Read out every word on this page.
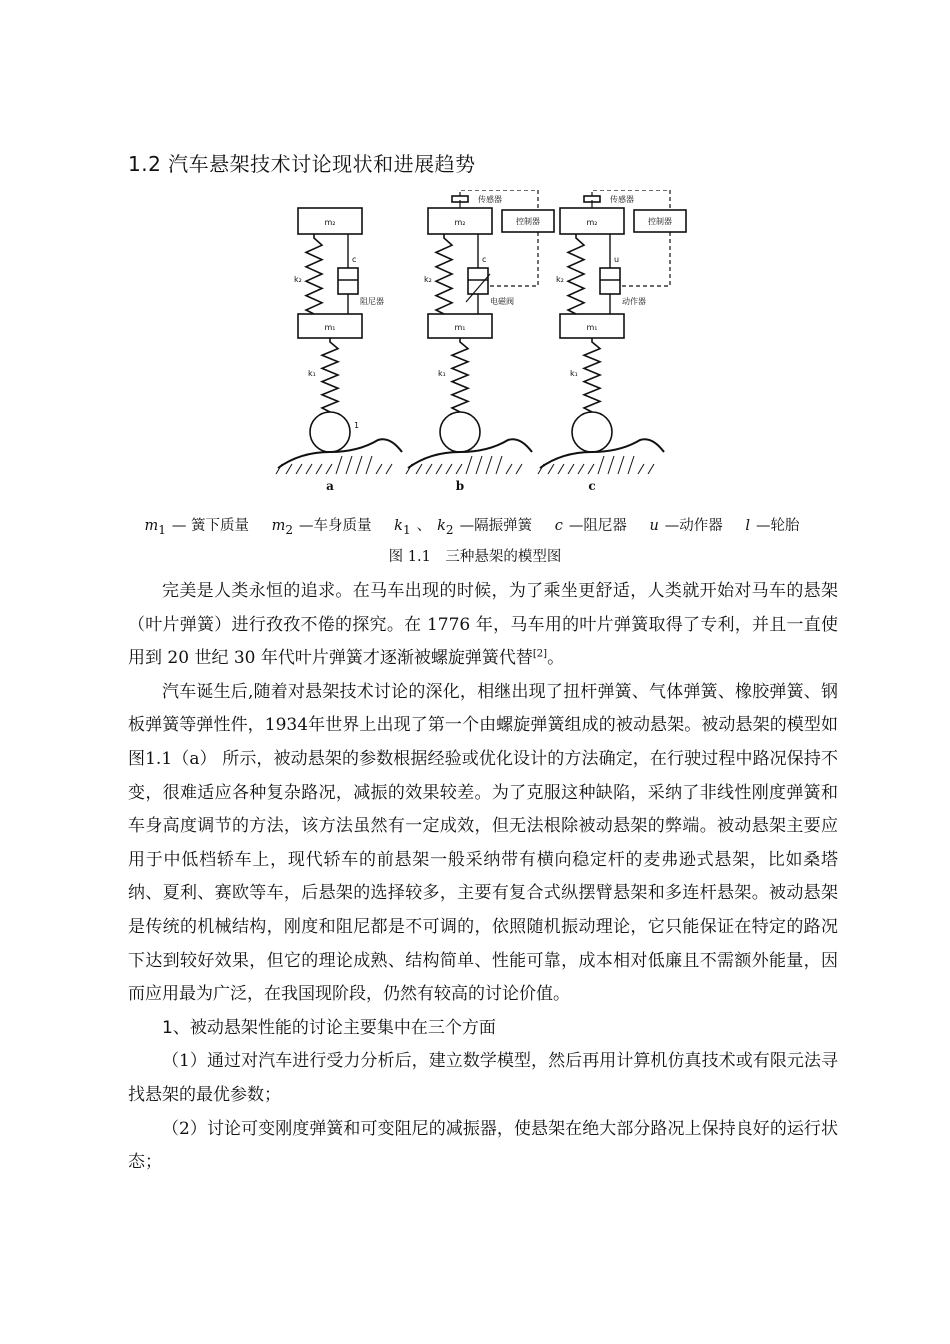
1.2 汽车悬架技术讨论现状和进展趋势
m₂
m₁
k₂
c
阻尼器
k₁
1
a
m₂
m₁
k₂
c
电磁阀
k₁
b
传感器
控制器	m₂
m₁
k₂
u
动作器
k₁
c
传感器
控制器
$m_1$ — 簧下质量 $m_2$ —车身质量 $k_1$ 、 $k_2$ —隔振弹簧 c —阻尼器 u —动作器 l —轮胎
图 1.1　三种悬架的模型图

完美是人类永恒的追求。在马车出现的时候，为了乘坐更舒适，人类就开始对马车的悬架（叶片弹簧）进行孜孜不倦的探究。在 1776 年，马车用的叶片弹簧取得了专利，并且一直使用到 20 世纪 30 年代叶片弹簧才逐渐被螺旋弹簧代替[2]。

汽车诞生后,随着对悬架技术讨论的深化，相继出现了扭杆弹簧、气体弹簧、橡胶弹簧、钢板弹簧等弹性件，1934年世界上出现了第一个由螺旋弹簧组成的被动悬架。被动悬架的模型如图1.1（a） 所示，被动悬架的参数根据经验或优化设计的方法确定，在行驶过程中路况保持不变，很难适应各种复杂路况，减振的效果较差。为了克服这种缺陷，采纳了非线性刚度弹簧和车身高度调节的方法，该方法虽然有一定成效，但无法根除被动悬架的弊端。被动悬架主要应用于中低档轿车上，现代轿车的前悬架一般采纳带有横向稳定杆的麦弗逊式悬架，比如桑塔纳、夏利、赛欧等车，后悬架的选择较多，主要有复合式纵摆臂悬架和多连杆悬架。被动悬架是传统的机械结构，刚度和阻尼都是不可调的，依照随机振动理论，它只能保证在特定的路况下达到较好效果，但它的理论成熟、结构简单、性能可靠，成本相对低廉且不需额外能量，因而应用最为广泛，在我国现阶段，仍然有较高的讨论价值。

1、被动悬架性能的讨论主要集中在三个方面

（1）通过对汽车进行受力分析后，建立数学模型，然后再用计算机仿真技术或有限元法寻找悬架的最优参数；

（2）讨论可变刚度弹簧和可变阻尼的减振器，使悬架在绝大部分路况上保持良好的运行状态；
